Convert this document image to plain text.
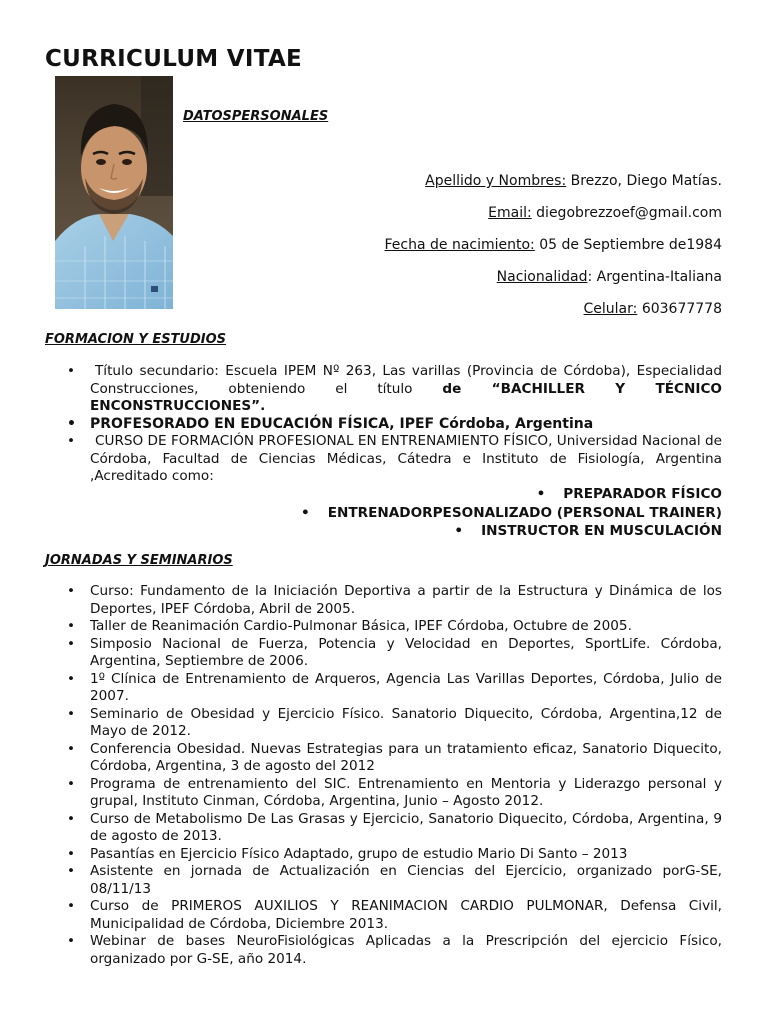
CURRICULUM VITAE
DATOSPERSONALES
Apellido y Nombres: Brezzo, Diego Matías.
Email: diegobrezzoef@gmail.com
Fecha de nacimiento: 05 de Septiembre de1984
Nacionalidad: Argentina-Italiana
Celular: 603677778
FORMACION Y ESTUDIOS
• Título secundario: Escuela IPEM Nº 263, Las varillas (Provincia de Córdoba), Especialidad Construcciones, obteniendo el título de “BACHILLER Y TÉCNICO ENCONSTRUCCIONES”.
• PROFESORADO EN EDUCACIÓN FÍSICA, IPEF Córdoba, Argentina
• CURSO DE FORMACIÓN PROFESIONAL EN ENTRENAMIENTO FÍSICO, Universidad Nacional de Córdoba, Facultad de Ciencias Médicas, Cátedra e Instituto de Fisiología, Argentina ,Acreditado como:
• PREPARADOR FÍSICO
• ENTRENADORPESONALIZADO (PERSONAL TRAINER)
• INSTRUCTOR EN MUSCULACIÓN
JORNADAS Y SEMINARIOS
• Curso: Fundamento de la Iniciación Deportiva a partir de la Estructura y Dinámica de los Deportes, IPEF Córdoba, Abril de 2005.
• Taller de Reanimación Cardio-Pulmonar Básica, IPEF Córdoba, Octubre de 2005.
• Simposio Nacional de Fuerza, Potencia y Velocidad en Deportes, SportLife. Córdoba, Argentina, Septiembre de 2006.
• 1º Clínica de Entrenamiento de Arqueros, Agencia Las Varillas Deportes, Córdoba, Julio de 2007.
• Seminario de Obesidad y Ejercicio Físico. Sanatorio Diquecito, Córdoba, Argentina,12 de Mayo de 2012.
• Conferencia Obesidad. Nuevas Estrategias para un tratamiento eficaz, Sanatorio Diquecito, Córdoba, Argentina, 3 de agosto del 2012
• Programa de entrenamiento del SIC. Entrenamiento en Mentoria y Liderazgo personal y grupal, Instituto Cinman, Córdoba, Argentina, Junio – Agosto 2012.
• Curso de Metabolismo De Las Grasas y Ejercicio, Sanatorio Diquecito, Córdoba, Argentina, 9 de agosto de 2013.
• Pasantías en Ejercicio Físico Adaptado, grupo de estudio Mario Di Santo – 2013
• Asistente en jornada de Actualización en Ciencias del Ejercicio, organizado porG-SE, 08/11/13
• Curso de PRIMEROS AUXILIOS Y REANIMACION CARDIO PULMONAR, Defensa Civil, Municipalidad de Córdoba, Diciembre 2013.
• Webinar de bases NeuroFisiológicas Aplicadas a la Prescripción del ejercicio Físico, organizado por G-SE, año 2014.
